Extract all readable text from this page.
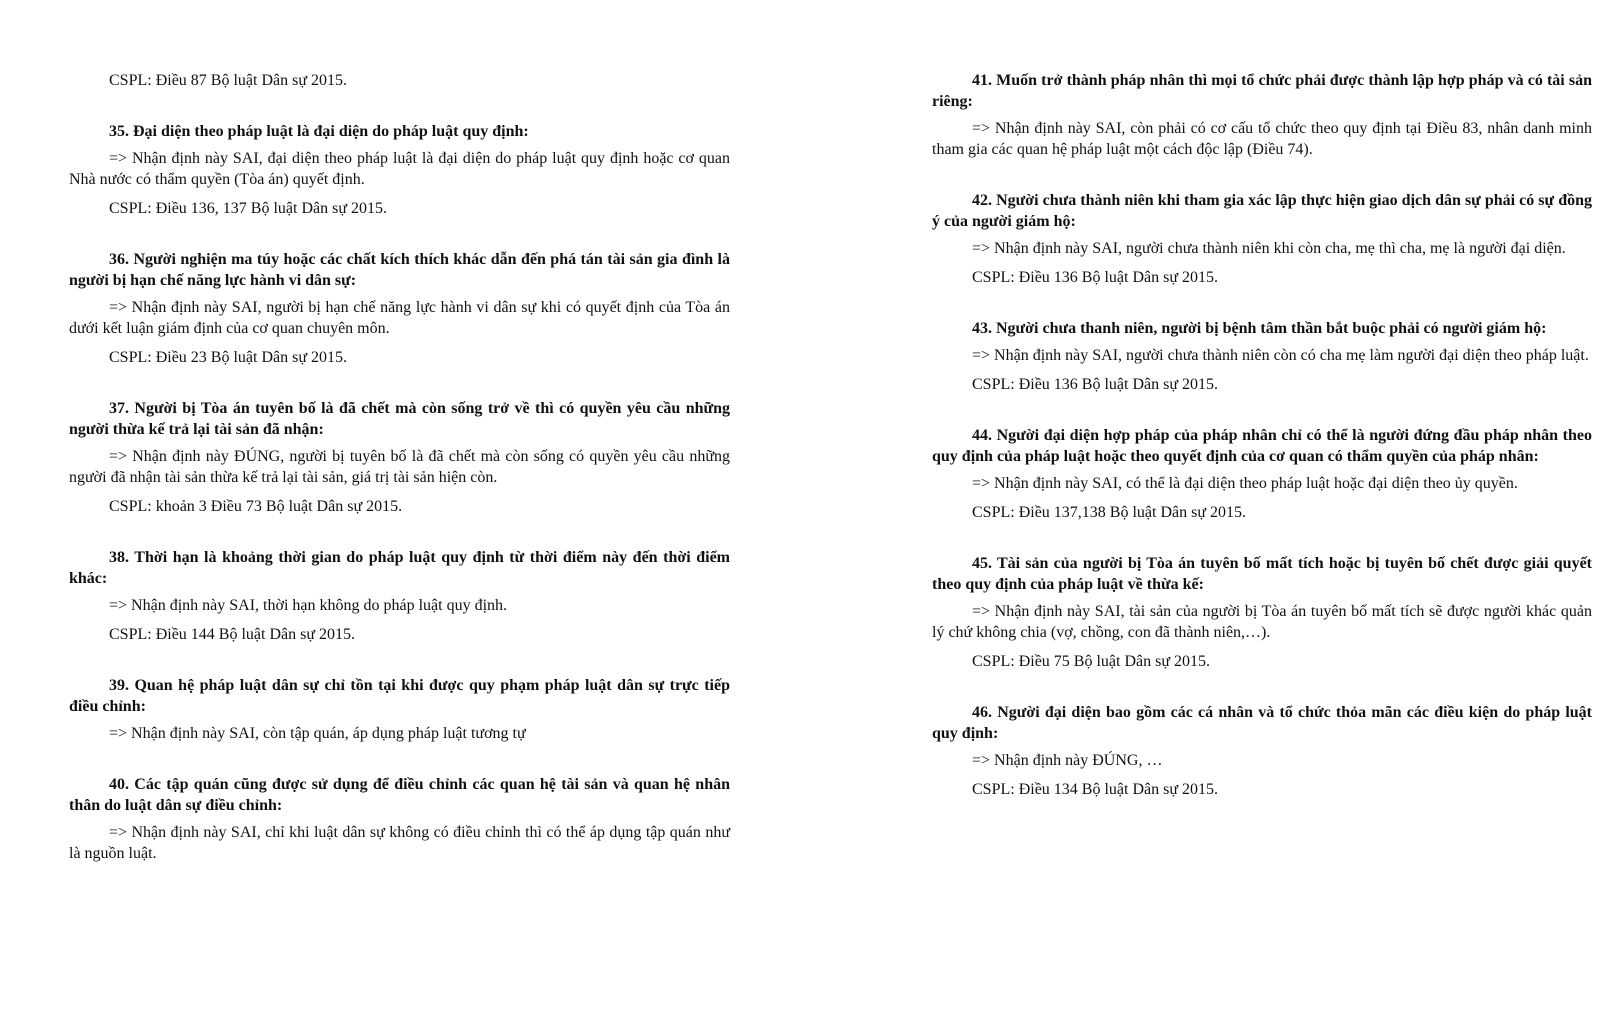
CSPL: Điều 87 Bộ luật Dân sự 2015.

35. Đại diện theo pháp luật là đại diện do pháp luật quy định:

=> Nhận định này SAI, đại diện theo pháp luật là đại diện do pháp luật quy định hoặc cơ quan Nhà nước có thẩm quyền (Tòa án) quyết định.

CSPL: Điều 136, 137 Bộ luật Dân sự 2015.

36. Người nghiện ma túy hoặc các chất kích thích khác dẫn đến phá tán tài sản gia đình là người bị hạn chế năng lực hành vi dân sự:

=> Nhận định này SAI, người bị hạn chế năng lực hành vi dân sự khi có quyết định của Tòa án dưới kết luận giám định của cơ quan chuyên môn.

CSPL: Điều 23 Bộ luật Dân sự 2015.

37. Người bị Tòa án tuyên bố là đã chết mà còn sống trở về thì có quyền yêu cầu những người thừa kế trả lại tài sản đã nhận:

=> Nhận định này ĐÚNG, người bị tuyên bố là đã chết mà còn sống có quyền yêu cầu những người đã nhận tài sản thừa kế trả lại tài sản, giá trị tài sản hiện còn.

CSPL: khoản 3 Điều 73 Bộ luật Dân sự 2015.

38. Thời hạn là khoảng thời gian do pháp luật quy định từ thời điểm này đến thời điểm khác:

=> Nhận định này SAI, thời hạn không do pháp luật quy định.

CSPL: Điều 144 Bộ luật Dân sự 2015.

39. Quan hệ pháp luật dân sự chỉ tồn tại khi được quy phạm pháp luật dân sự trực tiếp điều chỉnh:

=> Nhận định này SAI, còn tập quán, áp dụng pháp luật tương tự

40. Các tập quán cũng được sử dụng để điều chỉnh các quan hệ tài sản và quan hệ nhân thân do luật dân sự điều chỉnh:

=> Nhận định này SAI, chỉ khi luật dân sự không có điều chỉnh thì có thể áp dụng tập quán như là nguồn luật.

41. Muốn trở thành pháp nhân thì mọi tổ chức phải được thành lập hợp pháp và có tài sản riêng:

=> Nhận định này SAI, còn phải có cơ cấu tổ chức theo quy định tại Điều 83, nhân danh minh tham gia các quan hệ pháp luật một cách độc lập (Điều 74).

42. Người chưa thành niên khi tham gia xác lập thực hiện giao dịch dân sự phải có sự đồng ý của người giám hộ:

=> Nhận định này SAI, người chưa thành niên khi còn cha, mẹ thì cha, mẹ là người đại diện.

CSPL: Điều 136 Bộ luật Dân sự 2015.

43. Người chưa thanh niên, người bị bệnh tâm thần bắt buộc phải có người giám hộ:

=> Nhận định này SAI, người chưa thành niên còn có cha mẹ làm người đại diện theo pháp luật.

CSPL: Điều 136 Bộ luật Dân sự 2015.

44. Người đại diện hợp pháp của pháp nhân chỉ có thể là người đứng đầu pháp nhân theo quy định của pháp luật hoặc theo quyết định của cơ quan có thẩm quyền của pháp nhân:

=> Nhận định này SAI, có thể là đại diện theo pháp luật hoặc đại diện theo ủy quyền.

CSPL: Điều 137,138 Bộ luật Dân sự 2015.

45. Tài sản của người bị Tòa án tuyên bố mất tích hoặc bị tuyên bố chết được giải quyết theo quy định của pháp luật về thừa kế:

=> Nhận định này SAI, tài sản của người bị Tòa án tuyên bố mất tích sẽ được người khác quản lý chứ không chia (vợ, chồng, con đã thành niên,…).

CSPL: Điều 75 Bộ luật Dân sự 2015.

46. Người đại diện bao gồm các cá nhân và tổ chức thỏa mãn các điều kiện do pháp luật quy định:

=> Nhận định này ĐÚNG, …

CSPL: Điều 134 Bộ luật Dân sự 2015.
